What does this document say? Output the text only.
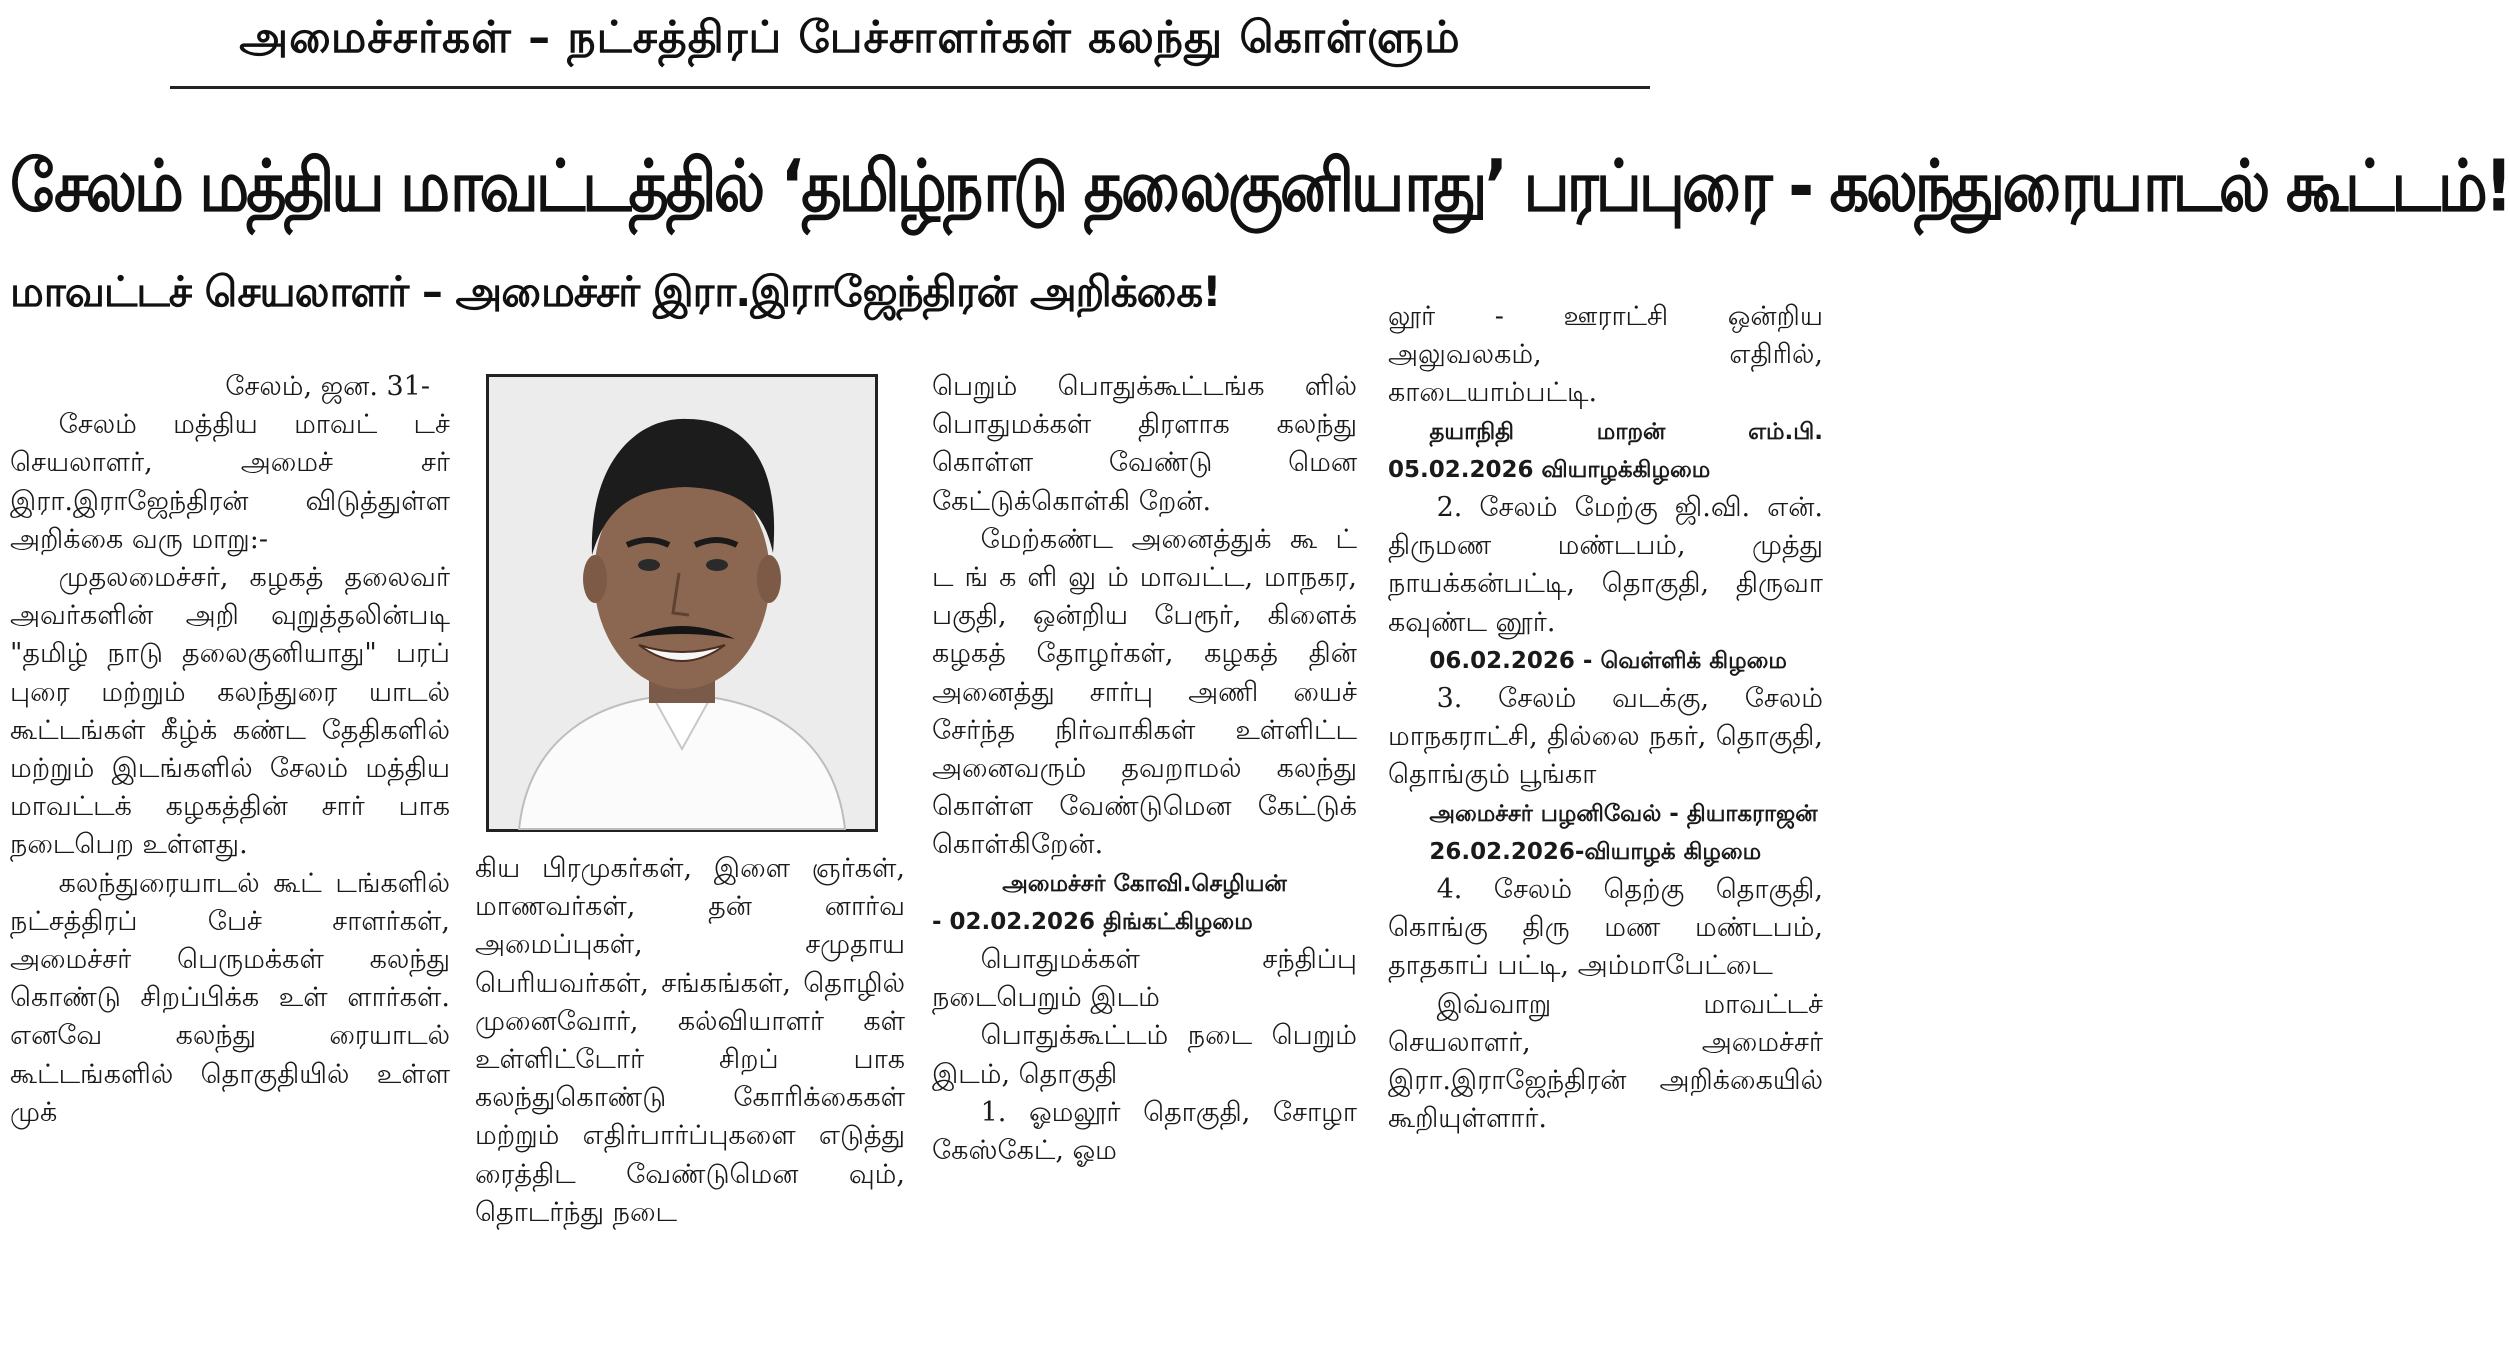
அமைச்சர்கள் – நட்சத்திரப் பேச்சாளர்கள் கலந்து கொள்ளும்
சேலம் மத்திய மாவட்டத்தில் ‘தமிழ்நாடு தலைகுனியாது’ பரப்புரை - கலந்துரையாடல் கூட்டம்!
மாவட்டச் செயலாளர் – அமைச்சர் இரா.இராஜேந்திரன் அறிக்கை!

சேலம், ஜன. 31-

சேலம் மத்திய மாவட் டச் செயலாளர், அமைச் சர் இரா.இராஜேந்திரன் விடுத்துள்ள அறிக்கை வரு மாறு:-

முதலமைச்சர், கழகத் தலைவர் அவர்களின் அறி வுறுத்தலின்படி "தமிழ் நாடு தலைகுனியாது" பரப் புரை மற்றும் கலந்துரை யாடல் கூட்டங்கள் கீழ்க் கண்ட தேதிகளில் மற்றும் இடங்களில் சேலம் மத்திய மாவட்டக் கழகத்தின் சார் பாக நடைபெற உள்ளது.

கலந்துரையாடல் கூட் டங்களில் நட்சத்திரப் பேச் சாளர்கள், அமைச்சர் பெருமக்கள் கலந்து கொண்டு சிறப்பிக்க உள் ளார்கள். எனவே கலந்து ரையாடல் கூட்டங்களில் தொகுதியில் உள்ள முக்

கிய பிரமுகர்கள், இளை ஞர்கள், மாணவர்கள், தன் னார்வ அமைப்புகள், சமுதாய பெரியவர்கள், சங்கங்கள், தொழில் முனைவோர், கல்வியாளர் கள் உள்ளிட்டோர் சிறப் பாக கலந்துகொண்டு கோரிக்கைகள் மற்றும் எதிர்பார்ப்புகளை எடுத்து ரைத்திட வேண்டுமென வும், தொடர்ந்து நடை

பெறும் பொதுக்கூட்டங்க ளில் பொதுமக்கள் திரளாக கலந்து கொள்ள வேண்டு மென கேட்டுக்கொள்கி றேன்.

மேற்கண்ட அனைத்துக் கூ ட் ட ங் க ளி லு ம் மாவட்ட, மாநகர, பகுதி, ஒன்றிய பேரூர், கிளைக் கழகத் தோழர்கள், கழகத் தின் அனைத்து சார்பு அணி யைச் சேர்ந்த நிர்வாகிகள் உள்ளிட்ட அனைவரும் தவறாமல் கலந்து கொள்ள வேண்டுமென கேட்டுக் கொள்கிறேன்.

அமைச்சர் கோவி.செழியன்

- 02.02.2026 திங்கட்கிழமை

பொதுமக்கள் சந்திப்பு நடைபெறும் இடம்

பொதுக்கூட்டம் நடை பெறும் இடம், தொகுதி

1. ஓமலூர் தொகுதி, சோழா கேஸ்கேட், ஓம

லூர் - ஊராட்சி ஒன்றிய அலுவலகம், எதிரில், காடையாம்பட்டி.

தயாநிதி மாறன் எம்.பி. 05.02.2026 வியாழக்கிழமை

2. சேலம் மேற்கு ஜி.வி. என். திருமண மண்டபம், முத்து நாயக்கன்பட்டி, தொகுதி, திருவா கவுண்ட னூர்.

06.02.2026 - வெள்ளிக் கிழமை

3. சேலம் வடக்கு, சேலம் மாநகராட்சி, தில்லை நகர், தொகுதி, தொங்கும் பூங்கா

அமைச்சர் பழனிவேல் - தியாகராஜன்

26.02.2026-வியாழக் கிழமை

4. சேலம் தெற்கு தொகுதி, கொங்கு திரு மண மண்டபம், தாதகாப் பட்டி, அம்மாபேட்டை

இவ்வாறு மாவட்டச் செயலாளர், அமைச்சர் இரா.இராஜேந்திரன் அறிக்கையில் கூறியுள்ளார்.
